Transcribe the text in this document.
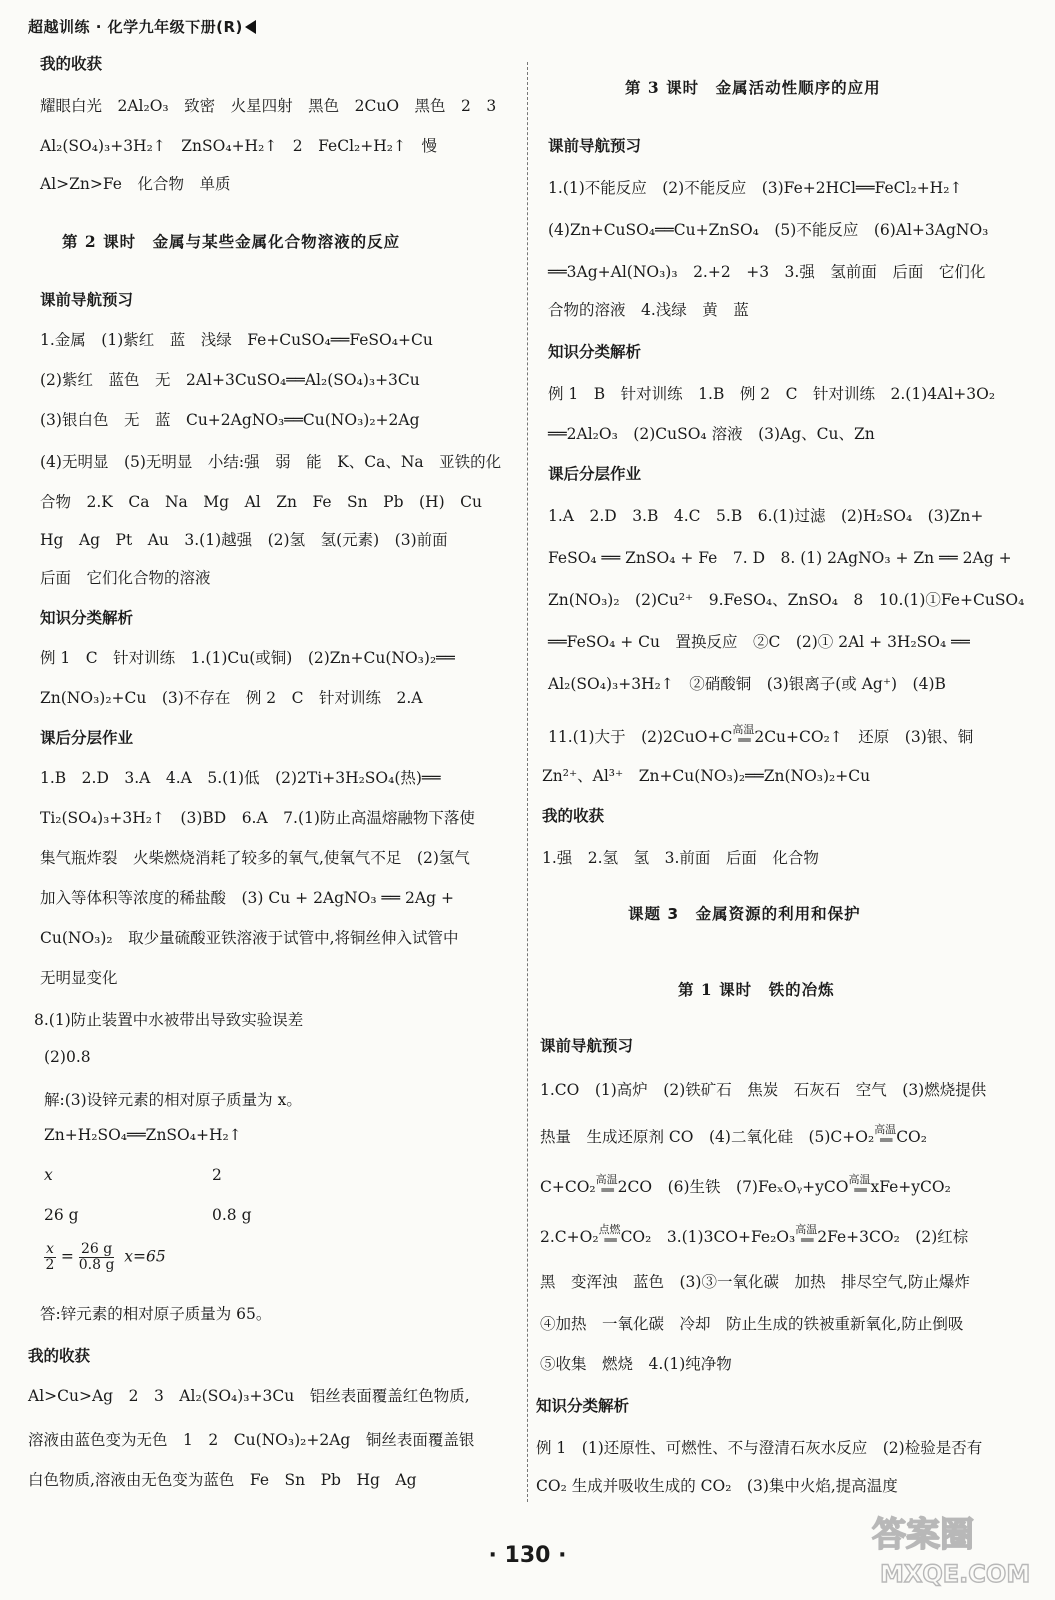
超越训练 · 化学九年级下册(R)
我的收获
耀眼白光　2Al₂O₃　致密　火星四射　黑色　2CuO　黑色　2　3
Al₂(SO₄)₃+3H₂↑　ZnSO₄+H₂↑　2　FeCl₂+H₂↑　慢
Al>Zn>Fe　化合物　单质
第 2 课时　金属与某些金属化合物溶液的反应
课前导航预习
1.金属　(1)紫红　蓝　浅绿　Fe+CuSO₄══FeSO₄+Cu
(2)紫红　蓝色　无　2Al+3CuSO₄══Al₂(SO₄)₃+3Cu
(3)银白色　无　蓝　Cu+2AgNO₃══Cu(NO₃)₂+2Ag
(4)无明显　(5)无明显　小结:强　弱　能　K、Ca、Na　亚铁的化
合物　2.K　Ca　Na　Mg　Al　Zn　Fe　Sn　Pb　(H)　Cu
Hg　Ag　Pt　Au　3.(1)越强　(2)氢　氢(元素)　(3)前面
后面　它们化合物的溶液
知识分类解析
例 1　C　针对训练　1.(1)Cu(或铜)　(2)Zn+Cu(NO₃)₂══
Zn(NO₃)₂+Cu　(3)不存在　例 2　C　针对训练　2.A
课后分层作业
1.B　2.D　3.A　4.A　5.(1)低　(2)2Ti+3H₂SO₄(热)══
Ti₂(SO₄)₃+3H₂↑　(3)BD　6.A　7.(1)防止高温熔融物下落使
集气瓶炸裂　火柴燃烧消耗了较多的氧气,使氧气不足　(2)氢气
加入等体积等浓度的稀盐酸　(3) Cu + 2AgNO₃ ══ 2Ag +
Cu(NO₃)₂　取少量硫酸亚铁溶液于试管中,将铜丝伸入试管中
无明显变化
8.(1)防止装置中水被带出导致实验误差
(2)0.8
解:(3)设锌元素的相对原子质量为 x。
Zn+H₂SO₄══ZnSO₄+H₂↑
x	2
26 g	0.8 g
$\frac{x}{2} = \frac{26 g}{0.8 g} x=65$
答:锌元素的相对原子质量为 65。
我的收获
Al>Cu>Ag　2　3　Al₂(SO₄)₃+3Cu　铝丝表面覆盖红色物质,
溶液由蓝色变为无色　1　2　Cu(NO₃)₂+2Ag　铜丝表面覆盖银
白色物质,溶液由无色变为蓝色　Fe　Sn　Pb　Hg　Ag
第 3 课时　金属活动性顺序的应用
课前导航预习
1.(1)不能反应　(2)不能反应　(3)Fe+2HCl══FeCl₂+H₂↑
(4)Zn+CuSO₄══Cu+ZnSO₄　(5)不能反应　(6)Al+3AgNO₃
══3Ag+Al(NO₃)₃　2.+2　+3　3.强　氢前面　后面　它们化
合物的溶液　4.浅绿　黄　蓝
知识分类解析
例 1　B　针对训练　1.B　例 2　C　针对训练　2.(1)4Al+3O₂
══2Al₂O₃　(2)CuSO₄ 溶液　(3)Ag、Cu、Zn
课后分层作业
1.A　2.D　3.B　4.C　5.B　6.(1)过滤　(2)H₂SO₄　(3)Zn+
FeSO₄ ══ ZnSO₄ + Fe　7. D　8. (1) 2AgNO₃ + Zn ══ 2Ag +
Zn(NO₃)₂　(2)Cu²⁺　9.FeSO₄、ZnSO₄　8　10.(1)①Fe+CuSO₄
══FeSO₄ + Cu　置换反应　②C　(2)① 2Al + 3H₂SO₄ ══
Al₂(SO₄)₃+3H₂↑　②硝酸铜　(3)银离子(或 Ag⁺)　(4)B
11.(1)大于　(2)2CuO+C 高温
══ 2Cu+CO₂↑　还原　(3)银、铜
Zn²⁺、Al³⁺　Zn+Cu(NO₃)₂══Zn(NO₃)₂+Cu
我的收获
1.强　2.氢　氢　3.前面　后面　化合物
课题 3　金属资源的利用和保护
第 1 课时　铁的冶炼
课前导航预习
1.CO　(1)高炉　(2)铁矿石　焦炭　石灰石　空气　(3)燃烧提供
热量　生成还原剂 CO　(4)二氧化硅　(5)C+O₂ 高温
══ CO₂
C+CO₂ 高温
══ 2CO　(6)生铁　(7)FeₓOᵧ+yCO 高温
══ xFe+yCO₂
2.C+O₂ 点燃
══ CO₂　3.(1)3CO+Fe₂O₃ 高温
══ 2Fe+3CO₂　(2)红棕
黑　变浑浊　蓝色　(3)③一氧化碳　加热　排尽空气,防止爆炸
④加热　一氧化碳　冷却　防止生成的铁被重新氧化,防止倒吸
⑤收集　燃烧　4.(1)纯净物
知识分类解析
例 1　(1)还原性、可燃性、不与澄清石灰水反应　(2)检验是否有
CO₂ 生成并吸收生成的 CO₂　(3)集中火焰,提高温度
· 130 ·
答案圈
MXQE.COM
